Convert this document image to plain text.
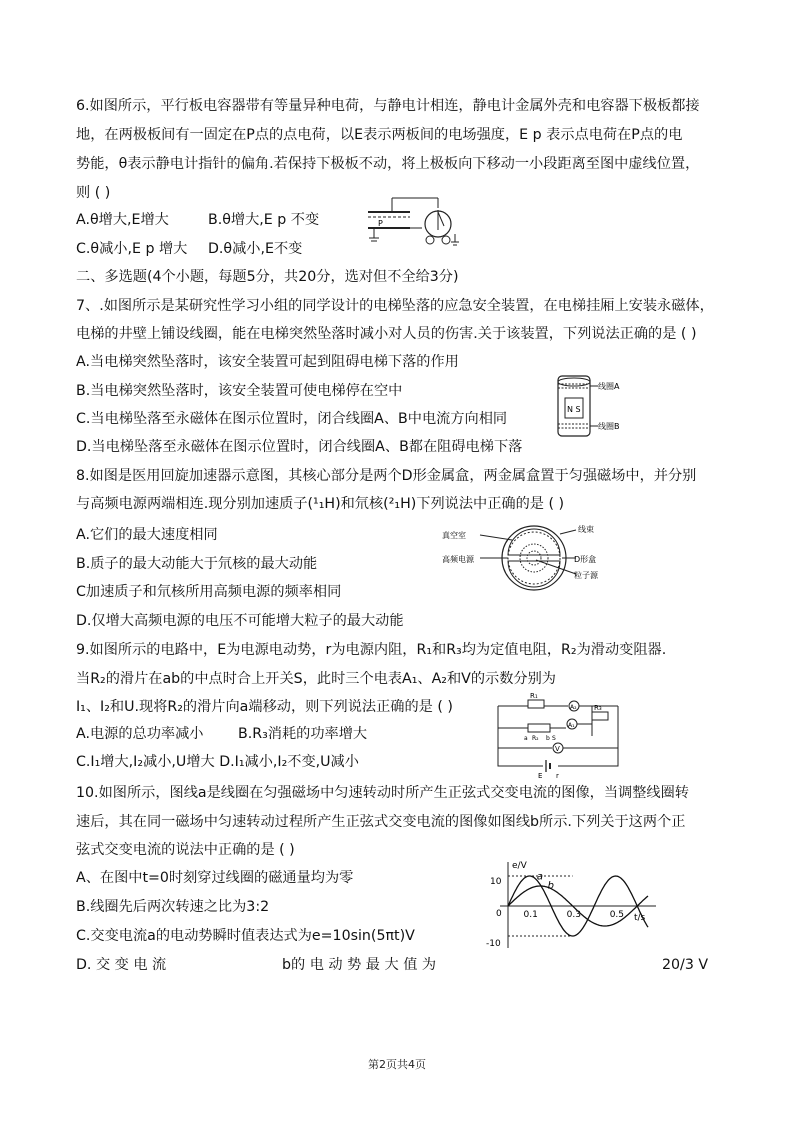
6.如图所示，平行板电容器带有等量异种电荷，与静电计相连，静电计金属外壳和电容器下极板都接
地，在两极板间有一固定在P点的点电荷，以E表示两板间的电场强度，E p 表示点电荷在P点的电
势能，θ表示静电计指针的偏角.若保持下极板不动，将上极板向下移动一小段距离至图中虚线位置，
则 ( )
A.θ增大,E增大	B.θ增大,E p 不变
C.θ减小,E p 增大 D.θ减小,E不变
P
二、多选题(4个小题，每题5分，共20分，选对但不全给3分)
7、.如图所示是某研究性学习小组的同学设计的电梯坠落的应急安全装置，在电梯挂厢上安装永磁体，
电梯的井壁上铺设线圈，能在电梯突然坠落时减小对人员的伤害.关于该装置，下列说法正确的是 ( )
A.当电梯突然坠落时，该安全装置可起到阻碍电梯下落的作用
B.当电梯突然坠落时，该安全装置可使电梯停在空中
C.当电梯坠落至永磁体在图示位置时，闭合线圈A、B中电流方向相同
D.当电梯坠落至永磁体在图示位置时，闭合线圈A、B都在阻碍电梯下落
N S
线圈A
线圈B
8.如图是医用回旋加速器示意图，其核心部分是两个D形金属盒，两金属盒置于匀强磁场中，并分别
与高频电源两端相连.现分别加速质子(¹₁H)和氘核(²₁H)下列说法中正确的是 ( )
A.它们的最大速度相同
B.质子的最大动能大于氘核的最大动能
C加速质子和氘核所用高频电源的频率相同
D.仅增大高频电源的电压不可能增大粒子的最大动能
真空室
高频电源
线束
D形盒
粒子源
9.如图所示的电路中，E为电源电动势，r为电源内阻，R₁和R₃均为定值电阻，R₂为滑动变阻器.
当R₂的滑片在ab的中点时合上开关S，此时三个电表A₁、A₂和V的示数分别为
I₁、I₂和U.现将R₂的滑片向a端移动，则下列说法正确的是 ( )
A.电源的总功率减小 B.R₃消耗的功率增大
C.I₁增大,I₂减小,U增大 D.I₁减小,I₂不变,U减小
E r
R₁
A₂
a R₂ b S
A₁
R₃
V
10.如图所示，图线a是线圈在匀强磁场中匀速转动时所产生正弦式交变电流的图像，当调整线圈转
速后，其在同一磁场中匀速转动过程所产生正弦式交变电流的图像如图线b所示.下列关于这两个正
弦式交变电流的说法中正确的是 ( )
A、在图中t=0时刻穿过线圈的磁通量均为零
B.线圈先后两次转速之比为3:2
C.交变电流a的电动势瞬时值表达式为e=10sin(5πt)V
D. 交 变 电 流	b的 电 动 势 最 大 值 为	20/3 V
e/V
t/s
10
-10
0 0.1	0.3	0.5
a
b
第2页共4页
